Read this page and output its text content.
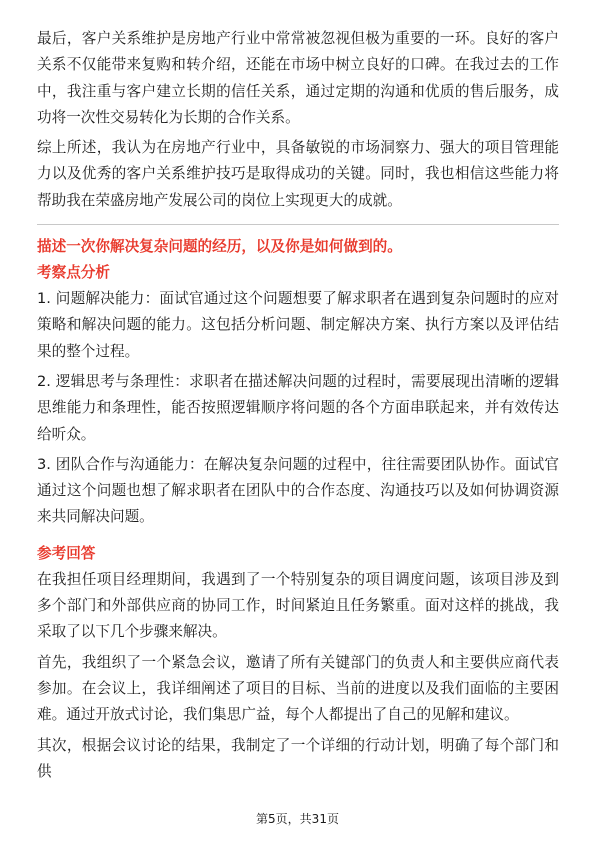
最后，客户关系维护是房地产行业中常常被忽视但极为重要的一环。良好的客户关系不仅能带来复购和转介绍，还能在市场中树立良好的口碑。在我过去的工作中，我注重与客户建立长期的信任关系，通过定期的沟通和优质的售后服务，成功将一次性交易转化为长期的合作关系。

综上所述，我认为在房地产行业中，具备敏锐的市场洞察力、强大的项目管理能力以及优秀的客户关系维护技巧是取得成功的关键。同时，我也相信这些能力将帮助我在荣盛房地产发展公司的岗位上实现更大的成就。

描述一次你解决复杂问题的经历，以及你是如何做到的。
考察点分析

1. 问题解决能力：面试官通过这个问题想要了解求职者在遇到复杂问题时的应对策略和解决问题的能力。这包括分析问题、制定解决方案、执行方案以及评估结果的整个过程。

2. 逻辑思考与条理性：求职者在描述解决问题的过程时，需要展现出清晰的逻辑思维能力和条理性，能否按照逻辑顺序将问题的各个方面串联起来，并有效传达给听众。

3. 团队合作与沟通能力：在解决复杂问题的过程中，往往需要团队协作。面试官通过这个问题也想了解求职者在团队中的合作态度、沟通技巧以及如何协调资源来共同解决问题。

参考回答

在我担任项目经理期间，我遇到了一个特别复杂的项目调度问题，该项目涉及到多个部门和外部供应商的协同工作，时间紧迫且任务繁重。面对这样的挑战，我采取了以下几个步骤来解决。

首先，我组织了一个紧急会议，邀请了所有关键部门的负责人和主要供应商代表参加。在会议上，我详细阐述了项目的目标、当前的进度以及我们面临的主要困难。通过开放式讨论，我们集思广益，每个人都提出了自己的见解和建议。

其次，根据会议讨论的结果，我制定了一个详细的行动计划，明确了每个部门和供

第5页，共31页
